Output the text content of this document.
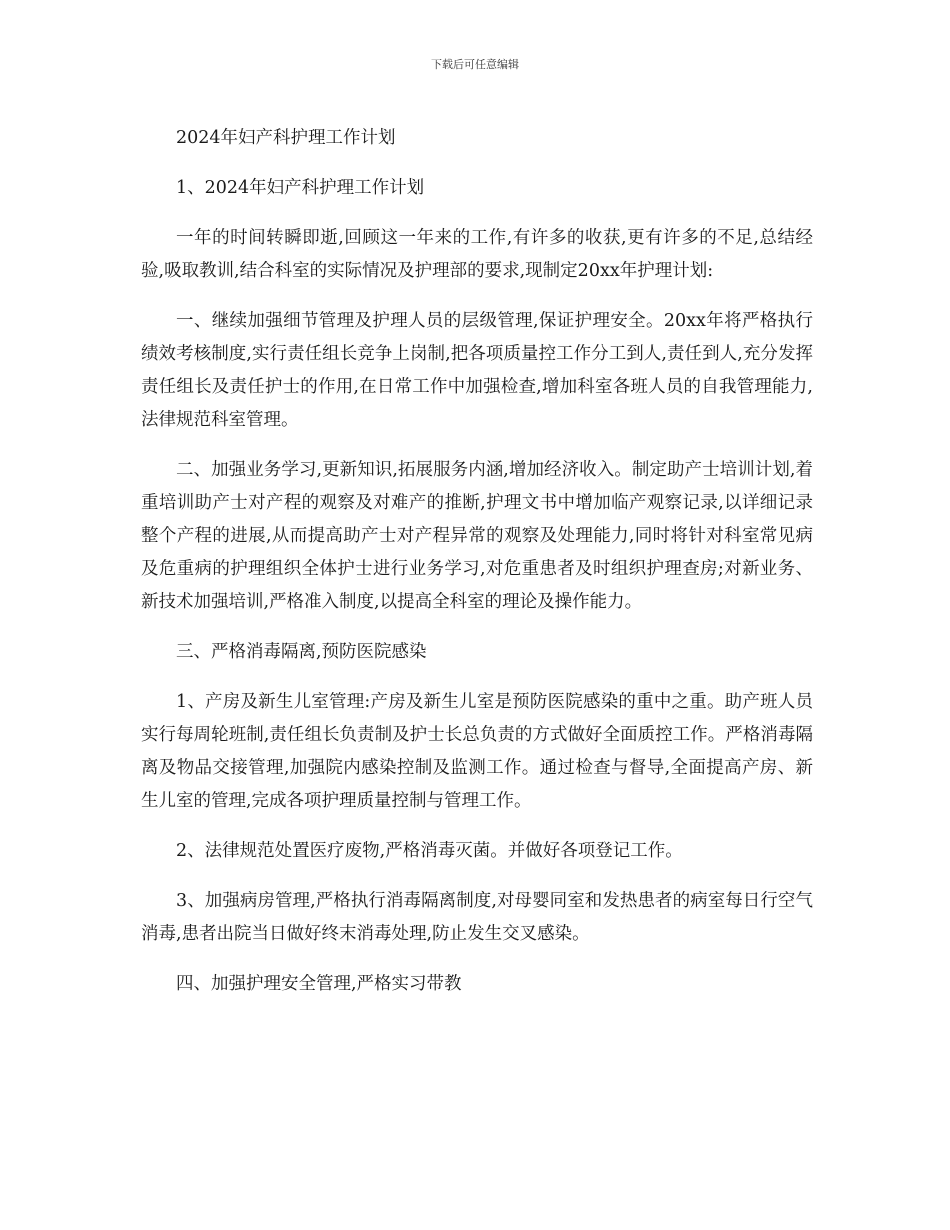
下载后可任意编辑

2024年妇产科护理工作计划

1、2024年妇产科护理工作计划

一年的时间转瞬即逝,回顾这一年来的工作,有许多的收获,更有许多的不足,总结经验,吸取教训,结合科室的实际情况及护理部的要求,现制定20xx年护理计划:

一、继续加强细节管理及护理人员的层级管理,保证护理安全。20xx年将严格执行绩效考核制度,实行责任组长竞争上岗制,把各项质量控工作分工到人,责任到人,充分发挥责任组长及责任护士的作用,在日常工作中加强检查,增加科室各班人员的自我管理能力,法律规范科室管理。

二、加强业务学习,更新知识,拓展服务内涵,增加经济收入。制定助产士培训计划,着重培训助产士对产程的观察及对难产的推断,护理文书中增加临产观察记录,以详细记录整个产程的进展,从而提高助产士对产程异常的观察及处理能力,同时将针对科室常见病及危重病的护理组织全体护士进行业务学习,对危重患者及时组织护理查房;对新业务、新技术加强培训,严格准入制度,以提高全科室的理论及操作能力。

三、严格消毒隔离,预防医院感染

1、产房及新生儿室管理:产房及新生儿室是预防医院感染的重中之重。助产班人员实行每周轮班制,责任组长负责制及护士长总负责的方式做好全面质控工作。严格消毒隔离及物品交接管理,加强院内感染控制及监测工作。通过检查与督导,全面提高产房、新生儿室的管理,完成各项护理质量控制与管理工作。

2、法律规范处置医疗废物,严格消毒灭菌。并做好各项登记工作。

3、加强病房管理,严格执行消毒隔离制度,对母婴同室和发热患者的病室每日行空气消毒,患者出院当日做好终末消毒处理,防止发生交叉感染。

四、加强护理安全管理,严格实习带教
